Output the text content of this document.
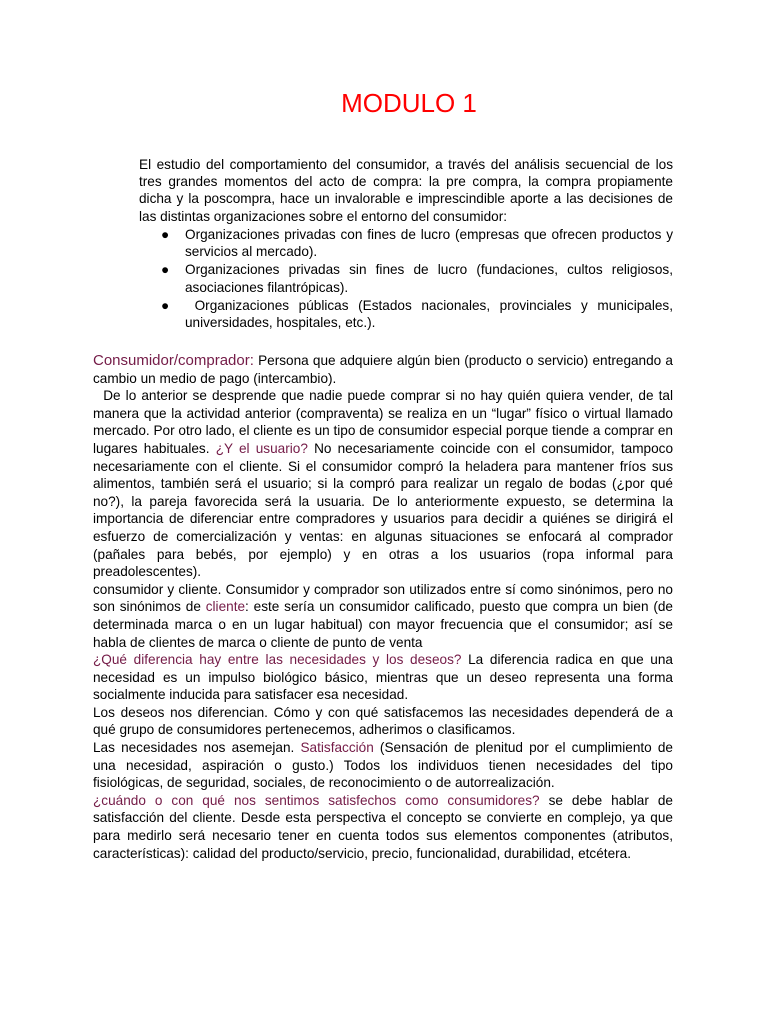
MODULO 1

El estudio del comportamiento del consumidor, a través del análisis secuencial de los tres grandes momentos del acto de compra: la pre compra, la compra propiamente dicha y la poscompra, hace un invalorable e imprescindible aporte a las decisiones de las distintas organizaciones sobre el entorno del consumidor:

● Organizaciones privadas con fines de lucro (empresas que ofrecen productos y servicios al mercado).
● Organizaciones privadas sin fines de lucro (fundaciones, cultos religiosos, asociaciones filantrópicas).
● Organizaciones públicas (Estados nacionales, provinciales y municipales, universidades, hospitales, etc.).

Consumidor/comprador: Persona que adquiere algún bien (producto o servicio) entregando a cambio un medio de pago (intercambio).

De lo anterior se desprende que nadie puede comprar si no hay quién quiera vender, de tal manera que la actividad anterior (compraventa) se realiza en un “lugar” físico o virtual llamado mercado. Por otro lado, el cliente es un tipo de consumidor especial porque tiende a comprar en lugares habituales. ¿Y el usuario? No necesariamente coincide con el consumidor, tampoco necesariamente con el cliente. Si el consumidor compró la heladera para mantener fríos sus alimentos, también será el usuario; si la compró para realizar un regalo de bodas (¿por qué no?), la pareja favorecida será la usuaria. De lo anteriormente expuesto, se determina la importancia de diferenciar entre compradores y usuarios para decidir a quiénes se dirigirá el esfuerzo de comercialización y ventas: en algunas situaciones se enfocará al comprador (pañales para bebés, por ejemplo) y en otras a los usuarios (ropa informal para preadolescentes).

consumidor y cliente. Consumidor y comprador son utilizados entre sí como sinónimos, pero no son sinónimos de cliente: este sería un consumidor calificado, puesto que compra un bien (de determinada marca o en un lugar habitual) con mayor frecuencia que el consumidor; así se habla de clientes de marca o cliente de punto de venta

¿Qué diferencia hay entre las necesidades y los deseos? La diferencia radica en que una necesidad es un impulso biológico básico, mientras que un deseo representa una forma socialmente inducida para satisfacer esa necesidad.

Los deseos nos diferencian. Cómo y con qué satisfacemos las necesidades dependerá de a qué grupo de consumidores pertenecemos, adherimos o clasificamos.

Las necesidades nos asemejan. Satisfacción (Sensación de plenitud por el cumplimiento de una necesidad, aspiración o gusto.) Todos los individuos tienen necesidades del tipo fisiológicas, de seguridad, sociales, de reconocimiento o de autorrealización.

¿cuándo o con qué nos sentimos satisfechos como consumidores? se debe hablar de satisfacción del cliente. Desde esta perspectiva el concepto se convierte en complejo, ya que para medirlo será necesario tener en cuenta todos sus elementos componentes (atributos, características): calidad del producto/servicio, precio, funcionalidad, durabilidad, etcétera.
